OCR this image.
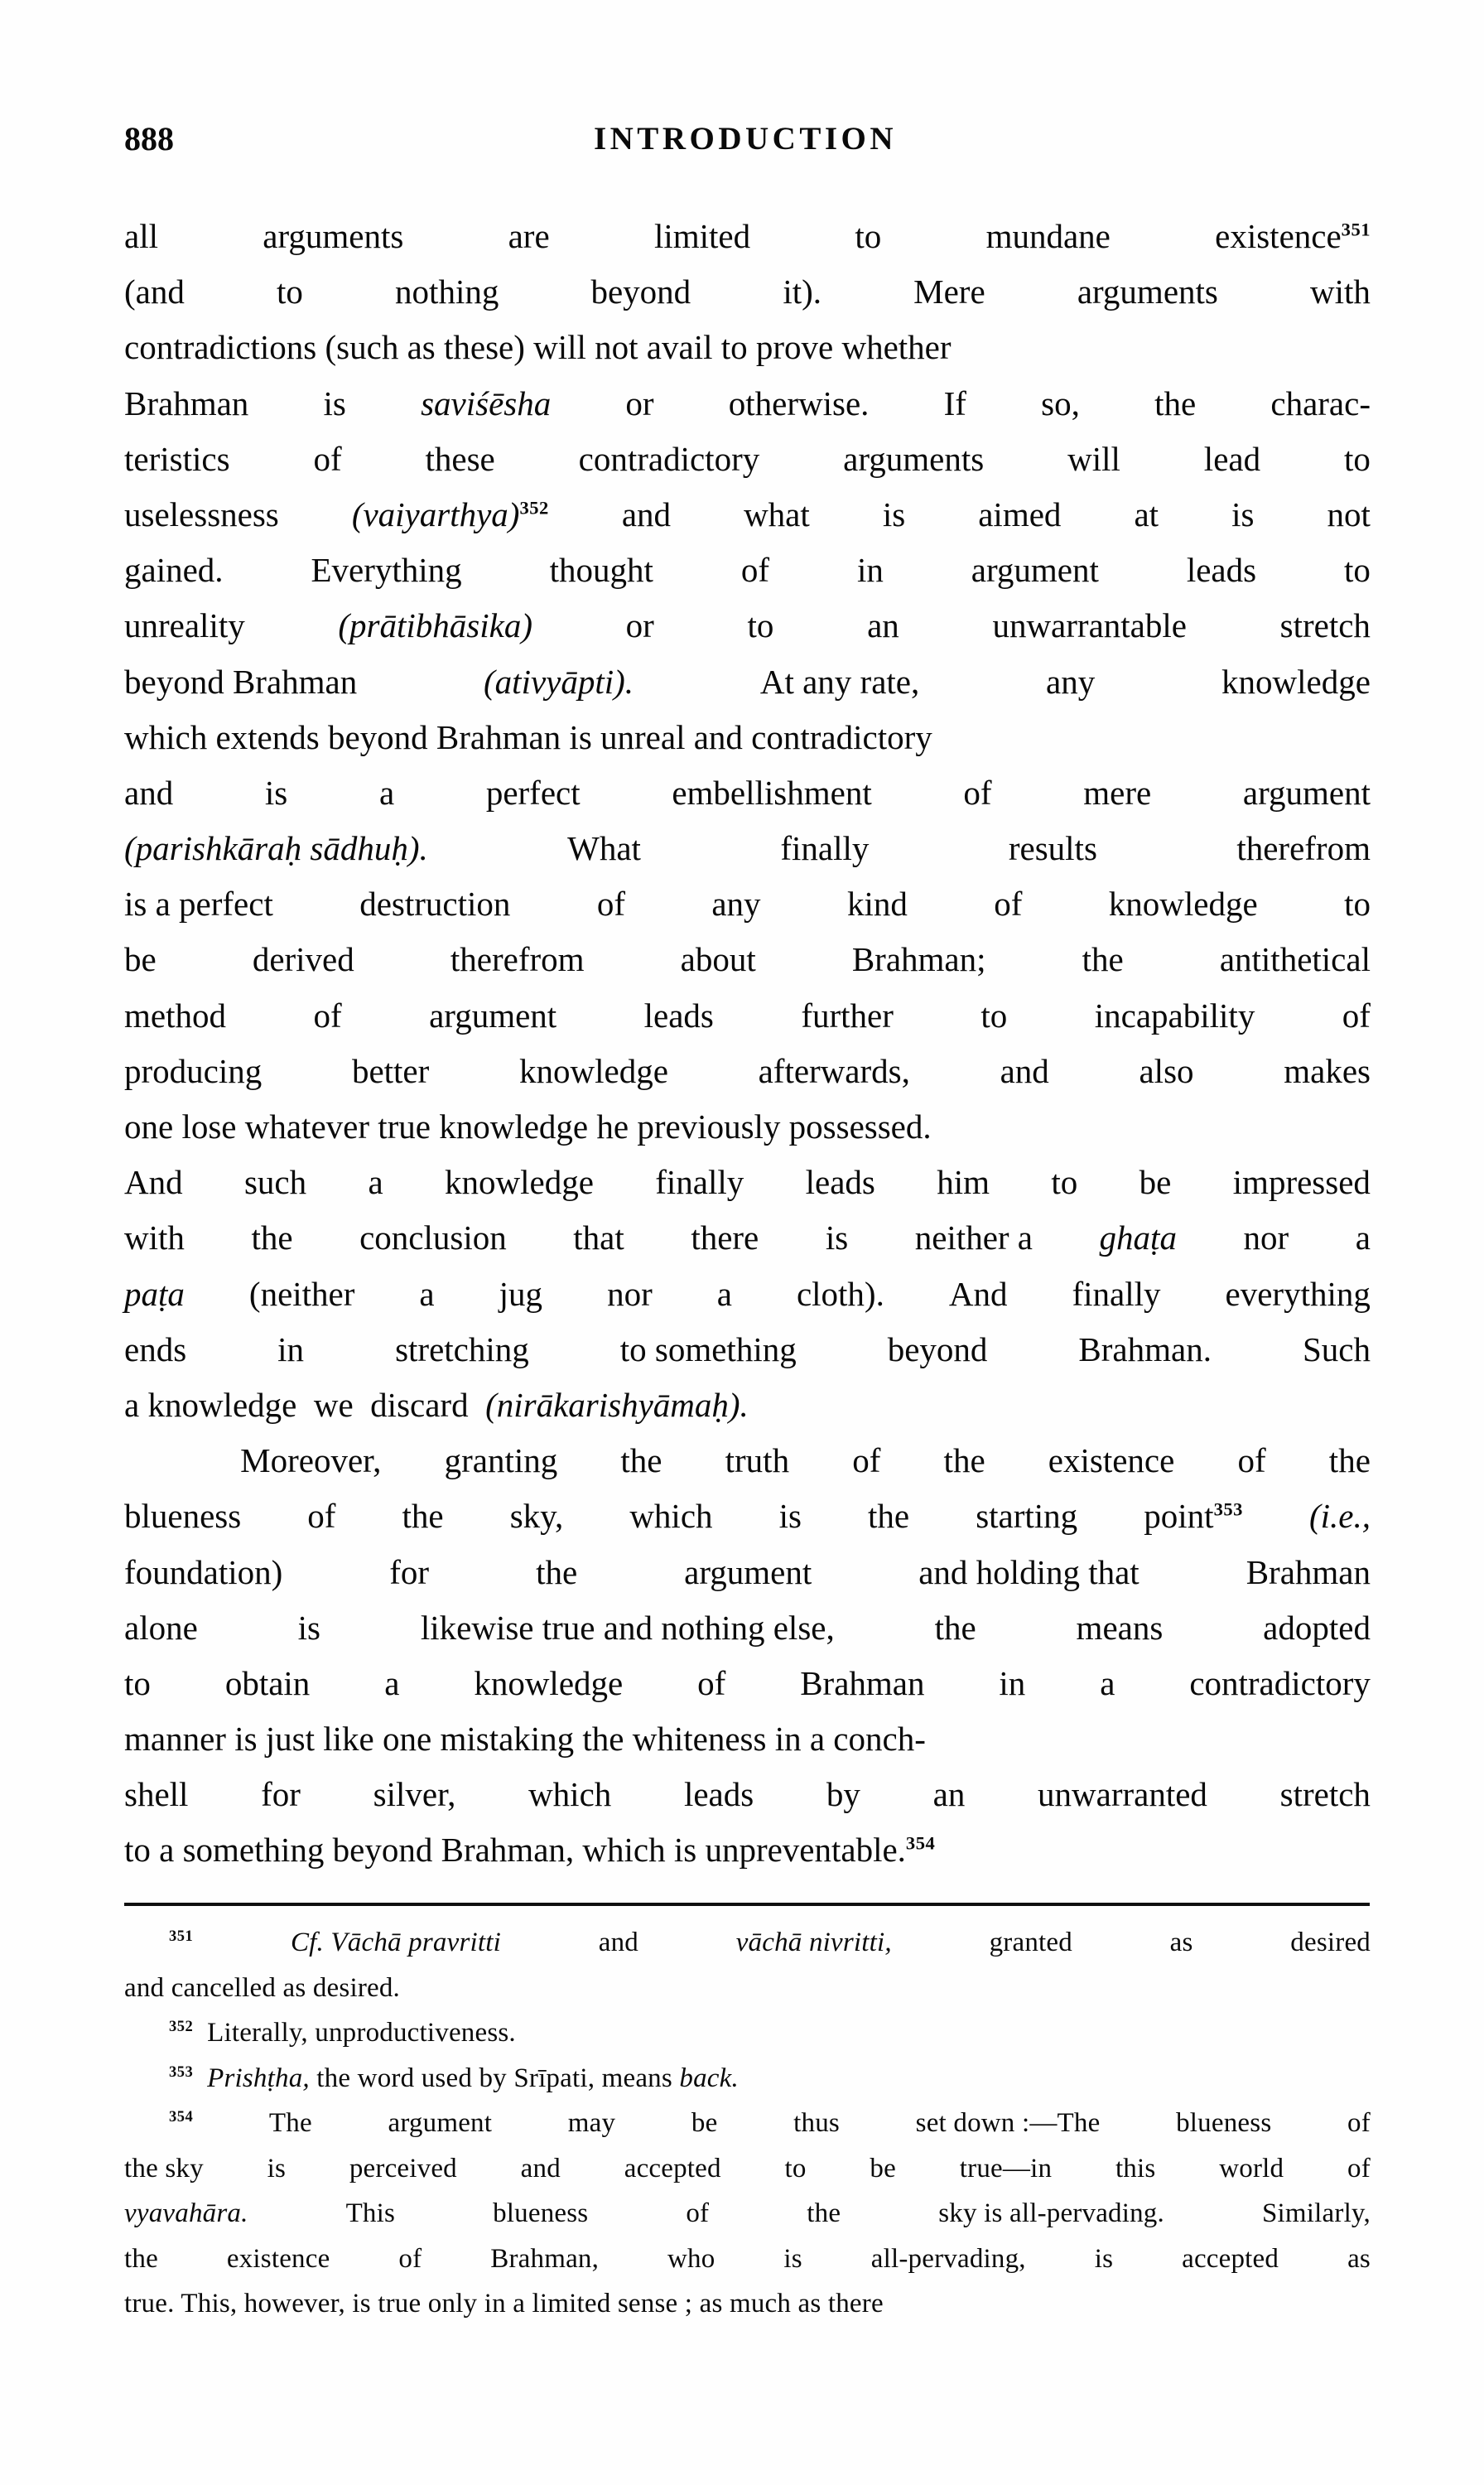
888	INTRODUCTION
all	arguments	are	limited	to	mundane	existence$^{351}$
(and	to	nothing	beyond	it).	Mere	arguments	with
contradictions (such as these) will not avail to prove whether
Brahman is saviśēsha or otherwise. If so, the charac-
teristics of these contradictory arguments will lead to
uselessness (vaiyarthya)$^{352}$ and what is aimed at is not
gained.	Everything	thought	of	in	argument	leads	to
unreality	(prātibhāsika)	or	to	an	unwarrantable	stretch
beyond Brahman	(ativyāpti).	At any rate,	any	knowledge
which extends beyond Brahman is unreal and contradictory
and	is	a	perfect	embellishment	of	mere	argument
(parishkāraḥ sādhuḥ).	What	finally	results	therefrom
is a perfect	destruction	of	any	kind	of	knowledge	to
be	derived	therefrom	about	Brahman;	the	antithetical
method	of	argument	leads	further	to	incapability	of
producing	better	knowledge	afterwards,	and	also	makes
one lose whatever true knowledge he previously possessed.
And such a knowledge finally leads him to be impressed
with the conclusion that there is neither a ghaṭa nor a
paṭa (neither a jug nor a cloth). And finally everything
ends	in	stretching	to something	beyond	Brahman.	Such
a knowledge we discard (nirākarishyāmaḥ).
Moreover, granting the truth of the existence of the
blueness of the sky, which is the starting point$^{353}$ (i.e.,
foundation)	for	the	argument	and holding that	Brahman
alone	is	likewise true and nothing else,	the	means	adopted
to obtain a knowledge of Brahman in a contradictory
manner is just like one mistaking the whiteness in a conch-
shell for silver, which leads by an unwarranted stretch
to a something beyond Brahman, which is unpreventable.$^{354}$
351	Cf. Vāchā pravritti	and	vāchā nivritti,	granted	as	desired
and cancelled as desired.
352 Literally, unproductiveness.
353 Prishṭha, the word used by Srīpati, means back.
354	The	argument	may	be	thus	set down :—The	blueness	of
the sky is perceived and accepted to be true—in this world of
vyavahāra.	This	blueness	of	the	sky is all-pervading.	Similarly,
the	existence	of	Brahman,	who	is	all-pervading,	is	accepted	as
true. This, however, is true only in a limited sense ; as much as there
